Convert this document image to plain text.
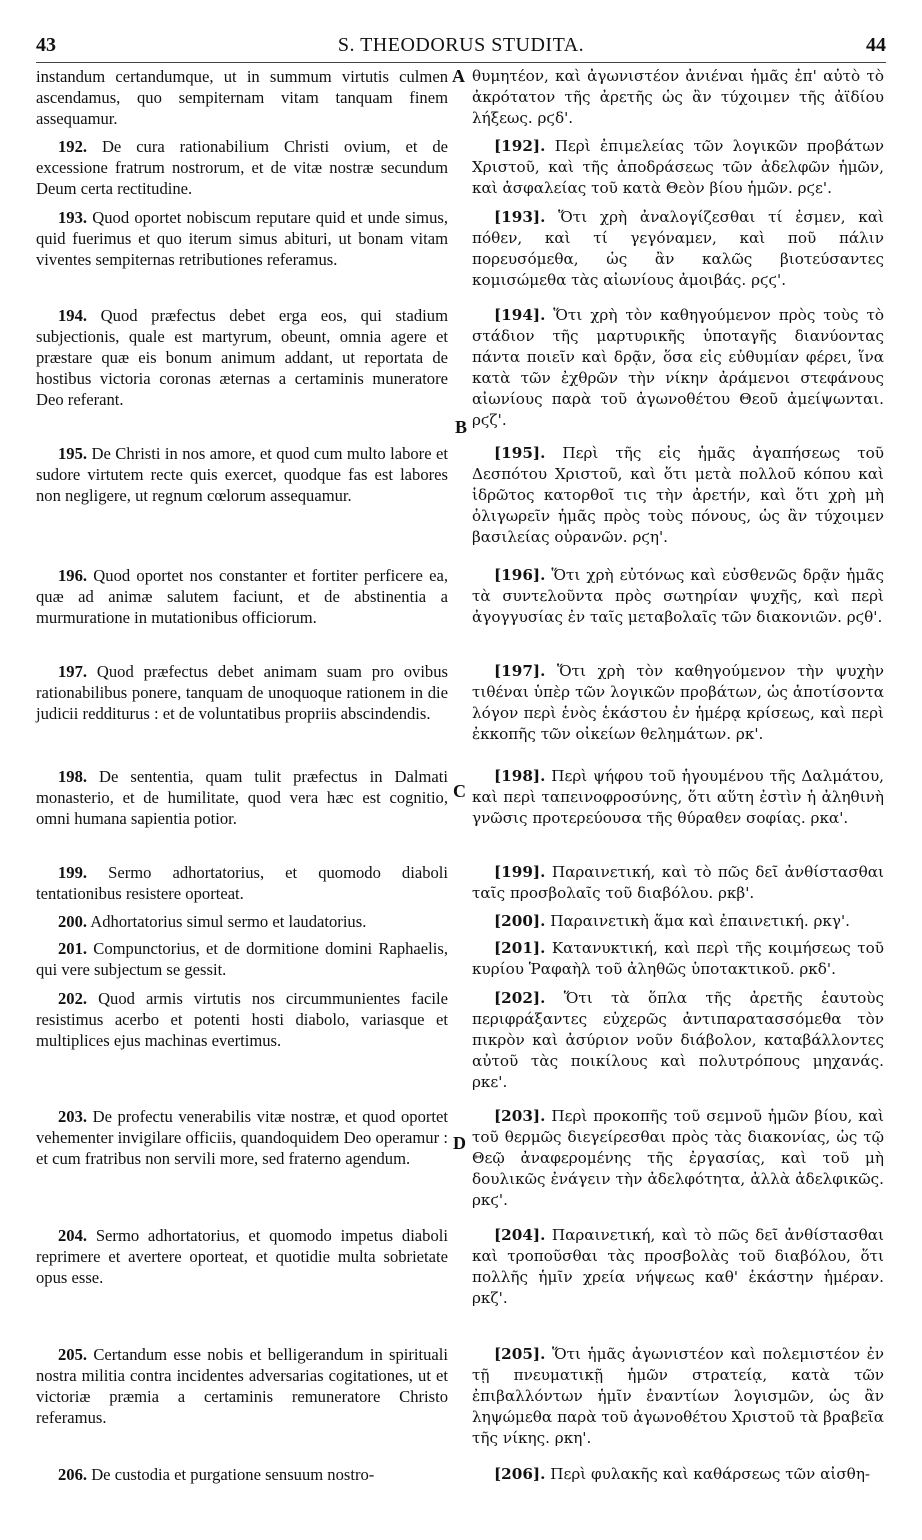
43	S. THEODORUS STUDITA.	44
A
B
C
D
instandum certandumque, ut in summum virtutis culmen ascendamus, quo sempiternam vitam tanquam finem assequamur.
192. De cura rationabilium Christi ovium, et de excessione fratrum nostrorum, et de vitæ nostræ secundum Deum certa rectitudine.
193. Quod oportet nobiscum reputare quid et unde simus, quid fuerimus et quo iterum simus abituri, ut bonam vitam viventes sempiternas retributiones referamus.
194. Quod præfectus debet erga eos, qui stadium subjectionis, quale est martyrum, obeunt, omnia agere et præstare quæ eis bonum animum addant, ut reportata de hostibus victoria coronas æternas a certaminis muneratore Deo referant.
195. De Christi in nos amore, et quod cum multo labore et sudore virtutem recte quis exercet, quodque fas est labores non negligere, ut regnum cœlorum assequamur.
196. Quod oportet nos constanter et fortiter perficere ea, quæ ad animæ salutem faciunt, et de abstinentia a murmuratione in mutationibus officiorum.
197. Quod præfectus debet animam suam pro ovibus rationabilibus ponere, tanquam de unoquoque rationem in die judicii redditurus : et de voluntatibus propriis abscindendis.
198. De sententia, quam tulit præfectus in Dalmati monasterio, et de humilitate, quod vera hæc est cognitio, omni humana sapientia potior.
199. Sermo adhortatorius, et quomodo diaboli tentationibus resistere oporteat.
200. Adhortatorius simul sermo et laudatorius.
201. Compunctorius, et de dormitione domini Raphaelis, qui vere subjectum se gessit.
202. Quod armis virtutis nos circummunientes facile resistimus acerbo et potenti hosti diabolo, variasque et multiplices ejus machinas evertimus.
203. De profectu venerabilis vitæ nostræ, et quod oportet vehementer invigilare officiis, quandoquidem Deo operamur : et cum fratribus non servili more, sed fraterno agendum.
204. Sermo adhortatorius, et quomodo impetus diaboli reprimere et avertere oporteat, et quotidie multa sobrietate opus esse.
205. Certandum esse nobis et belligerandum in spirituali nostra militia contra incidentes adversarias cogitationes, ut et victoriæ præmia a certaminis remuneratore Christo referamus.
206. De custodia et purgatione sensuum nostro-
θυμητέον, καὶ ἀγωνιστέον ἀνιέναι ἡμᾶς ἐπ' αὐτὸ τὸ ἀκρότατον τῆς ἀρετῆς ὡς ἂν τύχοιμεν τῆς ἀϊδίου λήξεως. ρϛδ'.
[192]. Περὶ ἐπιμελείας τῶν λογικῶν προβάτων Χριστοῦ, καὶ τῆς ἀποδράσεως τῶν ἀδελφῶν ἡμῶν, καὶ ἀσφαλείας τοῦ κατὰ Θεὸν βίου ἡμῶν. ρϛε'.
[193]. Ὅτι χρὴ ἀναλογίζεσθαι τί ἐσμεν, καὶ πόθεν, καὶ τί γεγόναμεν, καὶ ποῦ πάλιν πορευσόμεθα, ὡς ἂν καλῶς βιοτεύσαντες κομισώμεθα τὰς αἰωνίους ἀμοιβάς. ρϛϛ'.
[194]. Ὅτι χρὴ τὸν καθηγούμενον πρὸς τοὺς τὸ στάδιον τῆς μαρτυρικῆς ὑποταγῆς διανύοντας πάντα ποιεῖν καὶ δρᾷν, ὅσα εἰς εὐθυμίαν φέρει, ἵνα κατὰ τῶν ἐχθρῶν τὴν νίκην ἀράμενοι στεφάνους αἰωνίους παρὰ τοῦ ἀγωνοθέτου Θεοῦ ἀμείψωνται. ρϛζ'.
[195]. Περὶ τῆς εἰς ἡμᾶς ἀγαπήσεως τοῦ Δεσπότου Χριστοῦ, καὶ ὅτι μετὰ πολλοῦ κόπου καὶ ἱδρῶτος κατορθοῖ τις τὴν ἀρετήν, καὶ ὅτι χρὴ μὴ ὀλιγωρεῖν ἡμᾶς πρὸς τοὺς πόνους, ὡς ἂν τύχοιμεν βασιλείας οὐρανῶν. ρϛη'.
[196]. Ὅτι χρὴ εὐτόνως καὶ εὐσθενῶς δρᾷν ἡμᾶς τὰ συντελοῦντα πρὸς σωτηρίαν ψυχῆς, καὶ περὶ ἀγογγυσίας ἐν ταῖς μεταβολαῖς τῶν διακονιῶν. ρϛθ'.
[197]. Ὅτι χρὴ τὸν καθηγούμενον τὴν ψυχὴν τιθέναι ὑπὲρ τῶν λογικῶν προβάτων, ὡς ἀποτίσοντα λόγον περὶ ἑνὸς ἑκάστου ἐν ἡμέρᾳ κρίσεως, καὶ περὶ ἐκκοπῆς τῶν οἰκείων θελημάτων. ρκ'.
[198]. Περὶ ψήφου τοῦ ἡγουμένου τῆς Δαλμάτου, καὶ περὶ ταπεινοφροσύνης, ὅτι αὕτη ἐστὶν ἡ ἀληθινὴ γνῶσις προτερεύουσα τῆς θύραθεν σοφίας. ρκα'.
[199]. Παραινετική, καὶ τὸ πῶς δεῖ ἀνθίστασθαι ταῖς προσβολαῖς τοῦ διαβόλου. ρκβ'.
[200]. Παραινετικὴ ἅμα καὶ ἐπαινετική. ρκγ'.
[201]. Κατανυκτική, καὶ περὶ τῆς κοιμήσεως τοῦ κυρίου Ῥαφαὴλ τοῦ ἀληθῶς ὑποτακτικοῦ. ρκδ'.
[202]. Ὅτι τὰ ὅπλα τῆς ἀρετῆς ἑαυτοὺς περιφράξαντες εὐχερῶς ἀντιπαρατασσόμεθα τὸν πικρὸν καὶ ἀσύριον νοῦν διάβολον, καταβάλλοντες αὐτοῦ τὰς ποικίλους καὶ πολυτρόπους μηχανάς. ρκε'.
[203]. Περὶ προκοπῆς τοῦ σεμνοῦ ἡμῶν βίου, καὶ τοῦ θερμῶς διεγείρεσθαι πρὸς τὰς διακονίας, ὡς τῷ Θεῷ ἀναφερομένης τῆς ἐργασίας, καὶ τοῦ μὴ δουλικῶς ἐνάγειν τὴν ἀδελφότητα, ἀλλὰ ἀδελφικῶς. ρκϛ'.
[204]. Παραινετική, καὶ τὸ πῶς δεῖ ἀνθίστασθαι καὶ τροποῦσθαι τὰς προσβολὰς τοῦ διαβόλου, ὅτι πολλῆς ἡμῖν χρεία νήψεως καθ' ἑκάστην ἡμέραν. ρκζ'.
[205]. Ὅτι ἡμᾶς ἀγωνιστέον καὶ πολεμιστέον ἐν τῇ πνευματικῇ ἡμῶν στρατείᾳ, κατὰ τῶν ἐπιβαλλόντων ἡμῖν ἐναντίων λογισμῶν, ὡς ἂν ληψώμεθα παρὰ τοῦ ἀγωνοθέτου Χριστοῦ τὰ βραβεῖα τῆς νίκης. ρκη'.
[206]. Περὶ φυλακῆς καὶ καθάρσεως τῶν αἰσθη-
